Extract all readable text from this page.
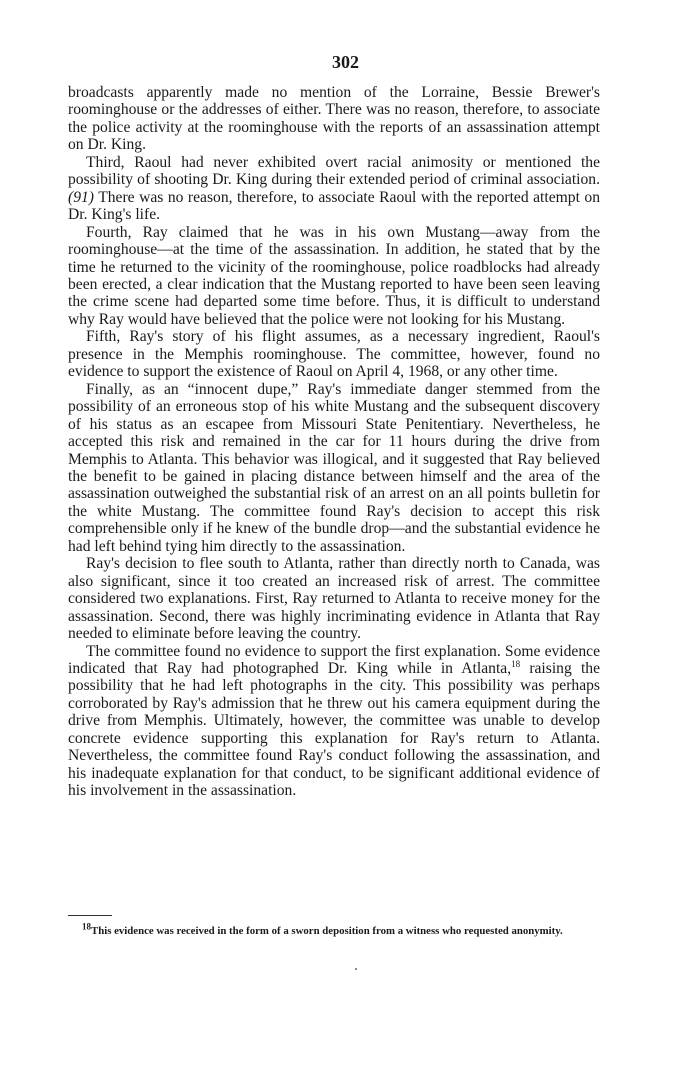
302

broadcasts apparently made no mention of the Lorraine, Bessie Brewer's roominghouse or the addresses of either. There was no reason, therefore, to associate the police activity at the roominghouse with the reports of an assassination attempt on Dr. King.

Third, Raoul had never exhibited overt racial animosity or mentioned the possibility of shooting Dr. King during their extended period of criminal association.(91) There was no reason, therefore, to associate Raoul with the reported attempt on Dr. King's life.

Fourth, Ray claimed that he was in his own Mustang—away from the roominghouse—at the time of the assassination. In addition, he stated that by the time he returned to the vicinity of the roominghouse, police roadblocks had already been erected, a clear indication that the Mustang reported to have been seen leaving the crime scene had departed some time before. Thus, it is difficult to understand why Ray would have believed that the police were not looking for his Mustang.

Fifth, Ray's story of his flight assumes, as a necessary ingredient, Raoul's presence in the Memphis roominghouse. The committee, however, found no evidence to support the existence of Raoul on April 4, 1968, or any other time.

Finally, as an “innocent dupe,” Ray's immediate danger stemmed from the possibility of an erroneous stop of his white Mustang and the subsequent discovery of his status as an escapee from Missouri State Penitentiary. Nevertheless, he accepted this risk and remained in the car for 11 hours during the drive from Memphis to Atlanta. This behavior was illogical, and it suggested that Ray believed the benefit to be gained in placing distance between himself and the area of the assassination outweighed the substantial risk of an arrest on an all points bulletin for the white Mustang. The committee found Ray's decision to accept this risk comprehensible only if he knew of the bundle drop—and the substantial evidence he had left behind tying him directly to the assassination.

Ray's decision to flee south to Atlanta, rather than directly north to Canada, was also significant, since it too created an increased risk of arrest. The committee considered two explanations. First, Ray returned to Atlanta to receive money for the assassination. Second, there was highly incriminating evidence in Atlanta that Ray needed to eliminate before leaving the country.

The committee found no evidence to support the first explanation. Some evidence indicated that Ray had photographed Dr. King while in Atlanta,$^{18}$ raising the possibility that he had left photographs in the city. This possibility was perhaps corroborated by Ray's admission that he threw out his camera equipment during the drive from Memphis. Ultimately, however, the committee was unable to develop concrete evidence supporting this explanation for Ray's return to Atlanta. Nevertheless, the committee found Ray's conduct following the assassination, and his inadequate explanation for that conduct, to be significant additional evidence of his involvement in the assassination.

$^{18}$This evidence was received in the form of a sworn deposition from a witness who requested anonymity.
